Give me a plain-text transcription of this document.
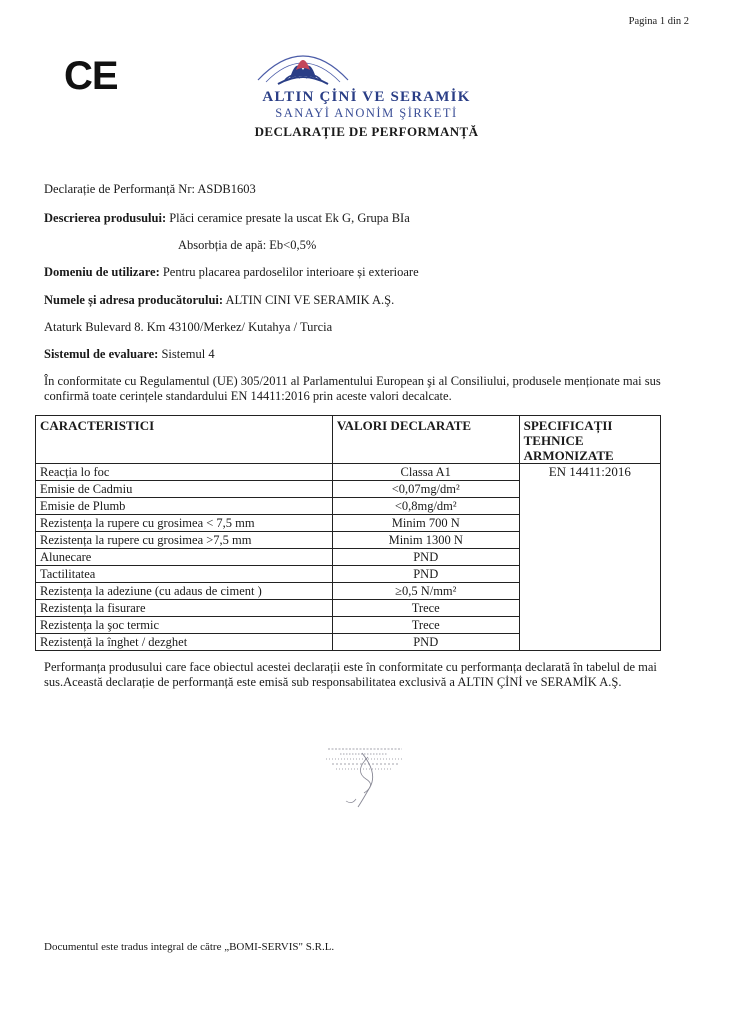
Pagina 1 din 2
CE	ALTIN ÇİNİ VE SERAMİK
SANAYİ ANONİM ŞİRKETİ
DECLARAȚIE DE PERFORMANȚĂ
Declarație de Performanță Nr: ASDB1603
Descrierea produsului: Plăci ceramice presate la uscat Ek G, Grupa BIa
Absorbția de apă: Eb<0,5%
Domeniu de utilizare: Pentru placarea pardoselilor interioare și exterioare
Numele și adresa producătorului: ALTIN CINI VE SERAMIK A.Ş.
Ataturk Bulevard 8. Km 43100/Merkez/ Kutahya / Turcia
Sistemul de evaluare: Sistemul 4
În conformitate cu Regulamentul (UE) 305/2011 al Parlamentului European şi al Consiliului, produsele menționate mai sus confirmă toate cerințele standardului EN 14411:2016 prin aceste valori decalcate.
CARACTERISTICI	VALORI DECLARATE	SPECIFICAȚII TEHNICE ARMONIZATE
Reacția lo foc	Classa A1	EN 14411:2016
Emisie de Cadmiu	<0,07mg/dm²	
Emisie de Plumb	<0,8mg/dm²	
Rezistența la rupere cu grosimea < 7,5 mm	Minim 700 N	
Rezistența la rupere cu grosimea >7,5 mm	Minim 1300 N	
Alunecare	PND	
Tactilitatea	PND	
Rezistența la adeziune (cu adaus de ciment )	≥0,5 N/mm²	
Rezistența la fisurare	Trece	
Rezistența la şoc termic	Trece	
Rezistență la înghet / dezghet	PND	
Performanța produsului care face obiectul acestei declarații este în conformitate cu performanța declarată în tabelul de mai sus.Această declarație de performanță este emisă sub responsabilitatea exclusivă a ALTIN ÇİNİ ve SERAMİK A.Ş.
Documentul este tradus integral de către „BOMI-SERVIS" S.R.L.
